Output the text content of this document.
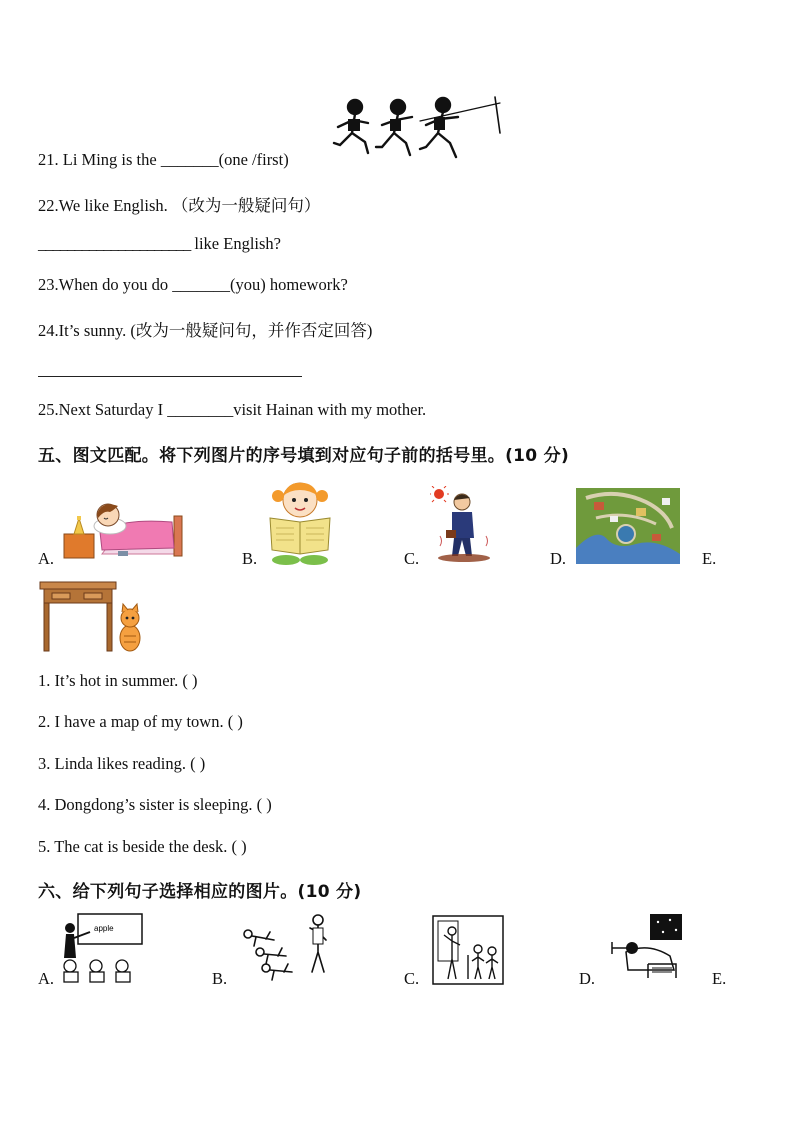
21. Li Ming is the _______(one /first)
22.We like English. （改为一般疑问句）
_____________________ like English?
23.When do you do _______(you) homework?
24.It’s sunny. (改为一般疑问句，并作否定回答)
25.Next Saturday I ________visit Hainan with my mother.
五、图文匹配。将下列图片的序号填到对应句子前的括号里。(10 分)
A.	B.	C.	D.	E.
1. It’s hot in summer. ( )
2. I have a map of my town. ( )
3. Linda likes reading. ( )
4. Dongdong’s sister is sleeping. ( )
5. The cat is beside the desk. ( )
六、给下列句子选择相应的图片。(10 分)
apple
A.	B.	C.	D.	E.
